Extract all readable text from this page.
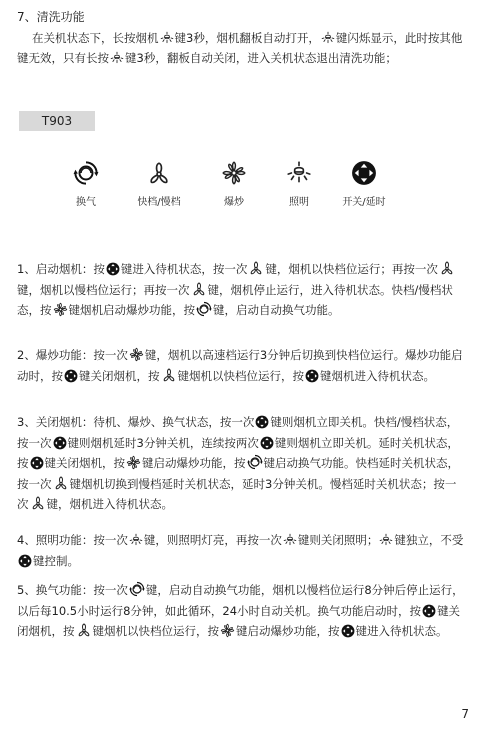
7、清洗功能
在关机状态下，长按烟机 键3秒，烟机翻板自动打开， 键闪烁显示，此时按其他键无效，只有长按 键3秒，翻板自动关闭，进入关机状态退出清洗功能；
T903
换气	快档/慢档	爆炒	照明	开关/延时
1、启动烟机：按 键进入待机状态，按一次 键，烟机以快档位运行；再按一次键，烟机以慢档位运行；再按一次 键，烟机停止运行，进入待机状态。快档/慢档状态，按 键烟机启动爆炒功能，按 键，启动自动换气功能。
2、爆炒功能：按一次 键，烟机以高速档运行3分钟后切换到快档位运行。爆炒功能启动时，按 键关闭烟机，按 键烟机以快档位运行，按 键烟机进入待机状态。
3、关闭烟机：待机、爆炒、换气状态，按一次 键则烟机立即关机。快档/慢档状态，按一次 键则烟机延时3分钟关机，连续按两次 键则烟机立即关机。延时关机状态，按 键关闭烟机，按 键启动爆炒功能，按 键启动换气功能。快档延时关机状态，按一次 键烟机切换到慢档延时关机状态，延时3分钟关机。慢档延时关机状态；按一次 键，烟机进入待机状态。
4、照明功能：按一次 键，则照明灯亮，再按一次 键则关闭照明； 键独立，不受键控制。
5、换气功能：按一次 键，启动自动换气功能，烟机以慢档位运行8分钟后停止运行，以后每10.5小时运行8分钟，如此循环，24小时自动关机。换气功能启动时，按 键关闭烟机，按 键烟机以快档位运行，按 键启动爆炒功能，按 键进入待机状态。
7
